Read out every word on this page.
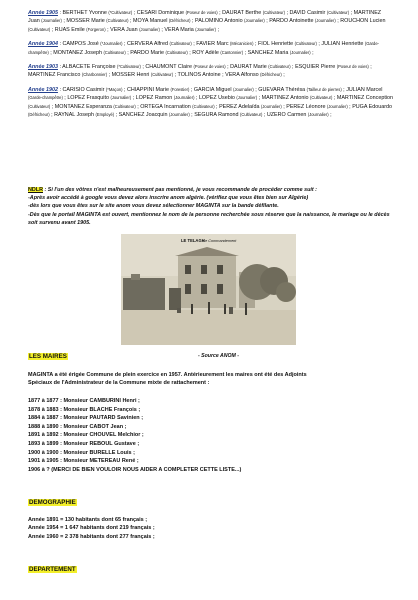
Année 1905 : BERTHET Yvonne (*Cultivateur) ; CESARI Dominique (Poseur de voies) ; DAURAT Berthe (Cultivateur) ; DAVID Casimir (Cultivateur) ; MARTINEZ Juan (Journalier) ; MOSSER Marie (Cultivateur) ; MOYA Manuel (Défricheur) ; PALOMINO Antonio (Journalier) ; PARDO Antoinette (Journalier) ; ROUCHON Lucien (Cultivateur) ; RUAS Emile (Forgeron) ; VERA Juan (Journalier) ; VERA Maria (Journalier) ;
Année 1904 : CAMPOS José (*Journalier) ; CERVERA Alfred (Cultivateur) ; FAVIER Marc (Mécanicien) ; FIOL Henriette (Cultivateur) ; JULIAN Henriette (Garde-champêtre) ; MONTANEZ Joseph (Cultivateur) ; PARDO Marie (Cultivateur) ; ROY Adèle (Cantonnier) ; SANCHEZ Maria (Journalier) ;
Année 1903 : ALBACETE Françoise (*Cultivateur) ; CHAUMONT Claire (Poseur de voies) ; DAURAT Marie (Cultivateur) ; ESQUIER Pierre (Poseur de voies) ; MARTINEZ Francisco (Charbonnier) ; MOSSER Henri (Cultivateur) ; TOLINOS Antoine ; VERA Alfonso (Défricheur) ;
Année 1902 : CARISIO Casimir (*Maçon) ; CHIAPPINI Marie (Forestier) ; GARCIA Miguel (Journalier) ; GUEVARA Thérésa (Tailleur de pierres) ; JULIAN Marcel (Garde-champêtre) ; LOPEZ Frasquito (Journalier) ; LOPEZ Ramon (Journalier) ; LOPEZ Usebio (Journalier) ; MARTINEZ Antonio (Cultivateur) ; MARTINEZ Conception (Cultivateur) ; MONTANEZ Esperanza (Cultivateur) ; ORTEGA Incarnation (Cultivateur) ; PEREZ Adelaïda (Journalier) ; PEREZ Léonore (Journalier) ; PUGA Edouardo (Défricheur) ; RAYNAL Joseph (Employé) ; SANCHEZ Joacquin (Journalier) ; SEGURA Ramond (Cultivateur) ; UZERO Carmen (Journalier) ;
NDLR : Si l'un des vôtres n'est malheureusement pas mentionné, je vous recommande de procéder comme suit :
-Après avoir accédé à google vous devez alors inscrire anom algérie. (vérifiez que vous êtes bien sur Algérie)
-dès lors que vous êtes sur le site anom vous devez sélectionner MAGINTA sur la bande défilante.
-Dès que le portail MAGINTA est ouvert, mentionnez le nom de la personne recherchée sous réserve que la naissance, le mariage ou le décès soit survenu avant 1905.
LE TELAGH
Le Commandement
LES MAIRES	- Source ANOM -
MAGINTA a été érigée Commune de plein exercice en 1957. Antérieurement les maires ont été des Adjoints
Spéciaux de l'Administrateur de la Commune mixte de rattachement :
1877 à 1877 : Monsieur CAMBURINI Henri ;
1878 à 1883 : Monsieur BLACHE François ;
1884 à 1887 : Monsieur PAUTARD Savinien ;
1888 à 1890 : Monsieur CABOT Jean ;
1891 à 1892 : Monsieur CHOUVEL Melchior ;
1893 à 1899 : Monsieur REBOUL Gustave ;
1900 à 1900 : Monsieur BURELLE Louis ;
1901 à 1905 : Monsieur METEREAU René ;
1906 à ? (MERCI DE BIEN VOULOIR NOUS AIDER A COMPLETER CETTE LISTE...)
DEMOGRAPHIE
Année 1891 = 130 habitants dont 65 français ;
Année 1954 = 1 647 habitants dont 219 français ;
Année 1960 = 2 378 habitants dont 277 français ;
DEPARTEMENT
